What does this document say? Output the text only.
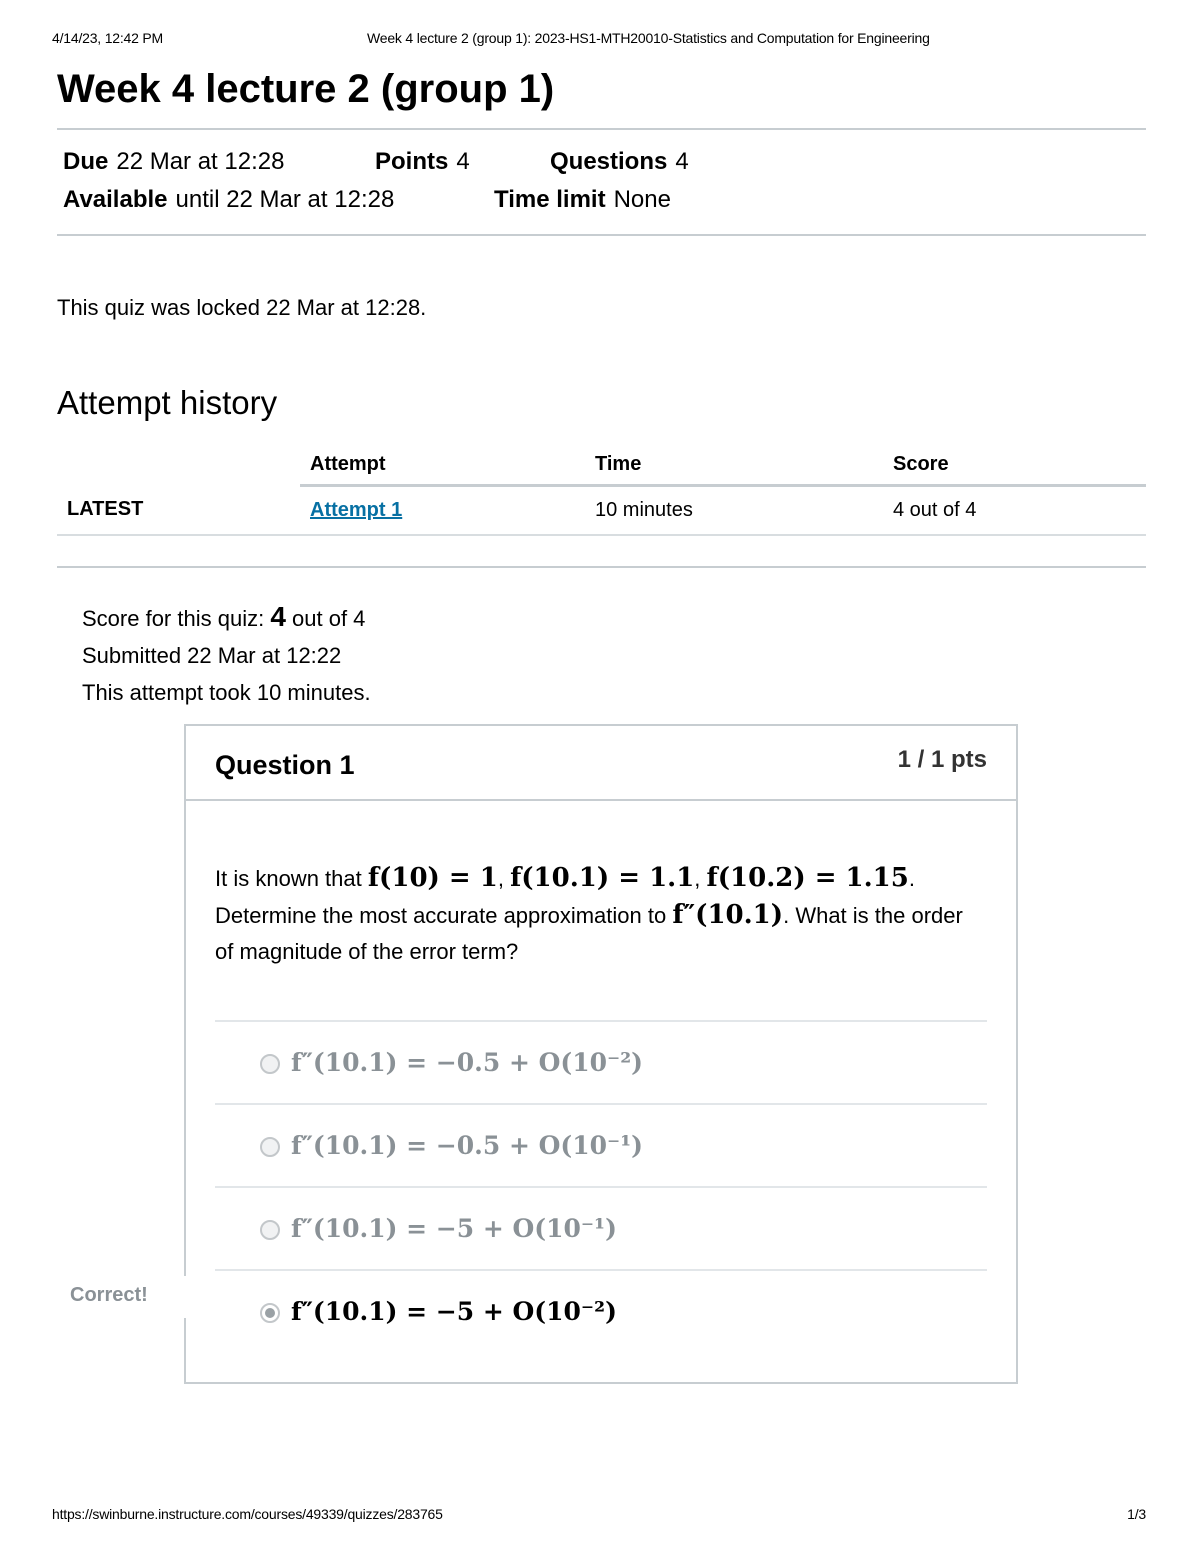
4/14/23, 12:42 PM	Week 4 lecture 2 (group 1): 2023-HS1-MTH20010-Statistics and Computation for Engineering
Week 4 lecture 2 (group 1)
Due 22 Mar at 12:28	Points 4	Questions 4
Available until 22 Mar at 12:28	Time limit None
This quiz was locked 22 Mar at 12:28.
Attempt history
	Attempt	Time	Score
LATEST	Attempt 1	10 minutes	4 out of 4
Score for this quiz: 4 out of 4
Submitted 22 Mar at 12:22
This attempt took 10 minutes.
Question 1	1 / 1 pts
It is known that f(10) = 1, f(10.1) = 1.1, f(10.2) = 1.15. Determine the most accurate approximation to f″(10.1). What is the order of magnitude of the error term?
f″(10.1) = −0.5 + O(10⁻²)
f″(10.1) = −0.5 + O(10⁻¹)
f″(10.1) = −5 + O(10⁻¹)
f″(10.1) = −5 + O(10⁻²)
Correct!
https://swinburne.instructure.com/courses/49339/quizzes/283765	1/3
